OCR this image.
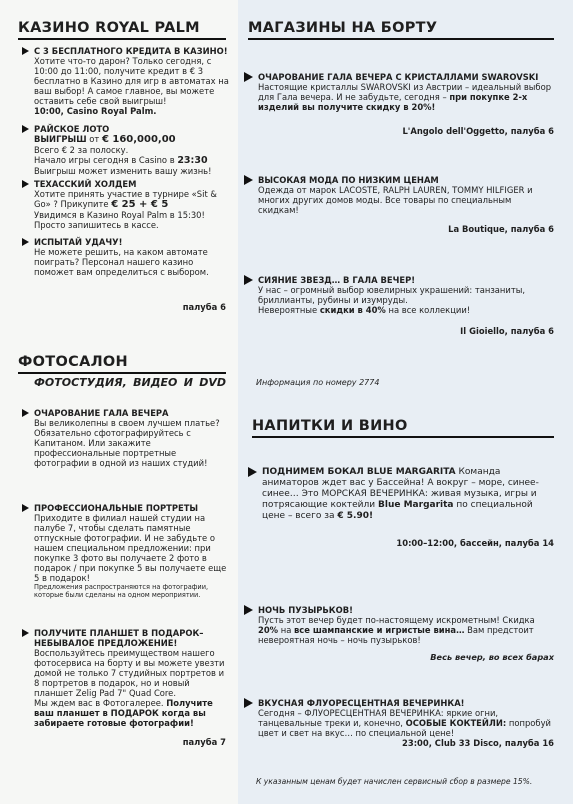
КАЗИНО ROYAL PALM
С 3 БЕСПЛАТНОГО КРЕДИТА В КАЗИНО!
Хотите что-то дарон? Только сегодня, с 10:00 до 11:00, получите кредит в € 3 бесплатно в Казино для игр в автоматах на ваш выбор! А самое главное, вы можете оставить себе свой выигрыш!
10:00, Casino Royal Palm.
РАЙСКОЕ ЛОТО
ВЫИГРЫШ от € 160,000,00
Всего € 2 за полоску.
Начало игры сегодня в Casino в 23:30
Выигрыш может изменить вашу жизнь!
ТЕХАССКИЙ ХОЛДЕМ
Хотите принять участие в турнире «Sit & Go» ? Прикупите € 25 + € 5
Увидимся в Казино Royal Palm в 15:30! Просто запишитесь в кассе.
ИСПЫТАЙ УДАЧУ!
Не можете решить, на каком автомате поиграть? Персонал нашего казино поможет вам определиться с выбором.
палуба 6
ФОТОСАЛОН
ФОТОСТУДИЯ, ВИДЕО И DVD	Информация по номеру 2774
ОЧАРОВАНИЕ ГАЛА ВЕЧЕРА
Вы великолепны в своем лучшем платье? Обязательно сфотографируйтесь с Капитаном. Или закажите профессиональные портретные фотографии в одной из наших студий!
ПРОФЕССИОНАЛЬНЫЕ ПОРТРЕТЫ
Приходите в филиал нашей студии на палубе 7, чтобы сделать памятные отпускные фотографии. И не забудьте о нашем специальном предложении: при покупке 3 фото вы получаете 2 фото в подарок / при покупке 5 вы получаете еще 5 в подарок!
Предложения распространяются на фотографии, которые были сделаны на одном мероприятии.
ПОЛУЧИТЕ ПЛАНШЕТ В ПОДАРОК– НЕБЫВАЛОЕ ПРЕДЛОЖЕНИЕ!
Воспользуйтесь преимуществом нашего фотосервиса на борту и вы можете увезти домой не только 7 студийных портретов и 8 портретов в подарок, но и новый планшет Zelig Pad 7" Quad Core.
Мы ждем вас в Фотогалерее. Получите ваш планшет в ПОДАРОК когда вы забираете готовые фотографии!
палуба 7
МАГАЗИНЫ НА БОРТУ
ОЧАРОВАНИЕ ГАЛА ВЕЧЕРА С КРИСТАЛЛАМИ SWAROVSKI
Настоящие кристаллы SWAROVSKI из Австрии – идеальный выбор для Гала вечера. И не забудьте, сегодня – при покупке 2-х изделий вы получите скидку в 20%!
L'Angolo dell'Oggetto, палуба 6
ВЫСОКАЯ МОДА ПО НИЗКИМ ЦЕНАМ
Одежда от марок LACOSTE, RALPH LAUREN, TOMMY HILFIGER и многих других домов моды. Все товары по специальным скидкам!
La Boutique, палуба 6
СИЯНИЕ ЗВЕЗД… В ГАЛА ВЕЧЕР!
У нас – огромный выбор ювелирных украшений: танзаниты, бриллианты, рубины и изумруды.
Невероятные скидки в 40% на все коллекции!
Il Gioiello, палуба 6
НАПИТКИ И ВИНО
ПОДНИМЕМ БОКАЛ BLUE MARGARITA Команда аниматоров ждет вас у Бассейна! А вокруг – море, синее-синее… Это МОРСКАЯ ВЕЧЕРИНКА: живая музыка, игры и потрясающие коктейли Blue Margarita по специальной цене – всего за € 5.90!
10:00–12:00, бассейн, палуба 14
НОЧЬ ПУЗЫРЬКОВ!
Пусть этот вечер будет по-настоящему искрометным! Скидка 20% на все шампанские и игристые вина… Вам предстоит невероятная ночь – ночь пузырьков!
Весь вечер, во всех барах
ВКУСНАЯ ФЛУОРЕСЦЕНТНАЯ ВЕЧЕРИНКА!
Сегодня – ФЛУОРЕСЦЕНТНАЯ ВЕЧЕРИНКА: яркие огни, танцевальные треки и, конечно, ОСОБЫЕ КОКТЕЙЛИ: попробуй цвет и свет на вкус… по специальной цене!
23:00, Club 33 Disco, палуба 16
К указанным ценам будет начислен сервисный сбор в размере 15%.
